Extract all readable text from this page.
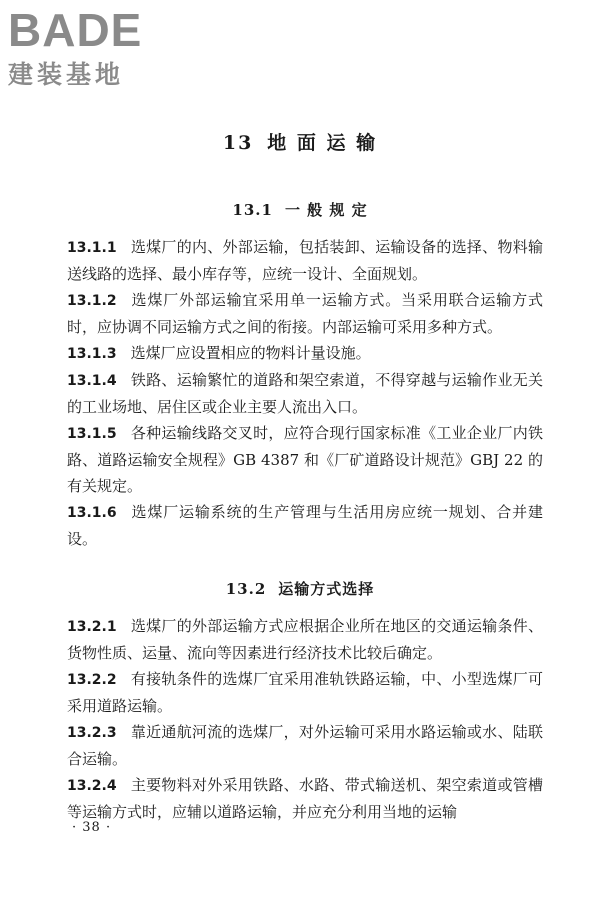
BADE
建装基地
13 地 面 运 输
13.1 一 般 规 定

13.1.1 选煤厂的内、外部运输，包括装卸、运输设备的选择、物料输送线路的选择、最小库存等，应统一设计、全面规划。

13.1.2 选煤厂外部运输宜采用单一运输方式。当采用联合运输方式时，应协调不同运输方式之间的衔接。内部运输可采用多种方式。

13.1.3 选煤厂应设置相应的物料计量设施。

13.1.4 铁路、运输繁忙的道路和架空索道，不得穿越与运输作业无关的工业场地、居住区或企业主要人流出入口。

13.1.5 各种运输线路交叉时，应符合现行国家标准《工业企业厂内铁路、道路运输安全规程》GB 4387 和《厂矿道路设计规范》GBJ 22 的有关规定。

13.1.6 选煤厂运输系统的生产管理与生活用房应统一规划、合并建设。

13.2 运输方式选择

13.2.1 选煤厂的外部运输方式应根据企业所在地区的交通运输条件、货物性质、运量、流向等因素进行经济技术比较后确定。

13.2.2 有接轨条件的选煤厂宜采用准轨铁路运输，中、小型选煤厂可采用道路运输。

13.2.3 靠近通航河流的选煤厂，对外运输可采用水路运输或水、陆联合运输。

13.2.4 主要物料对外采用铁路、水路、带式输送机、架空索道或管槽等运输方式时，应辅以道路运输，并应充分利用当地的运输

· 38 ·
